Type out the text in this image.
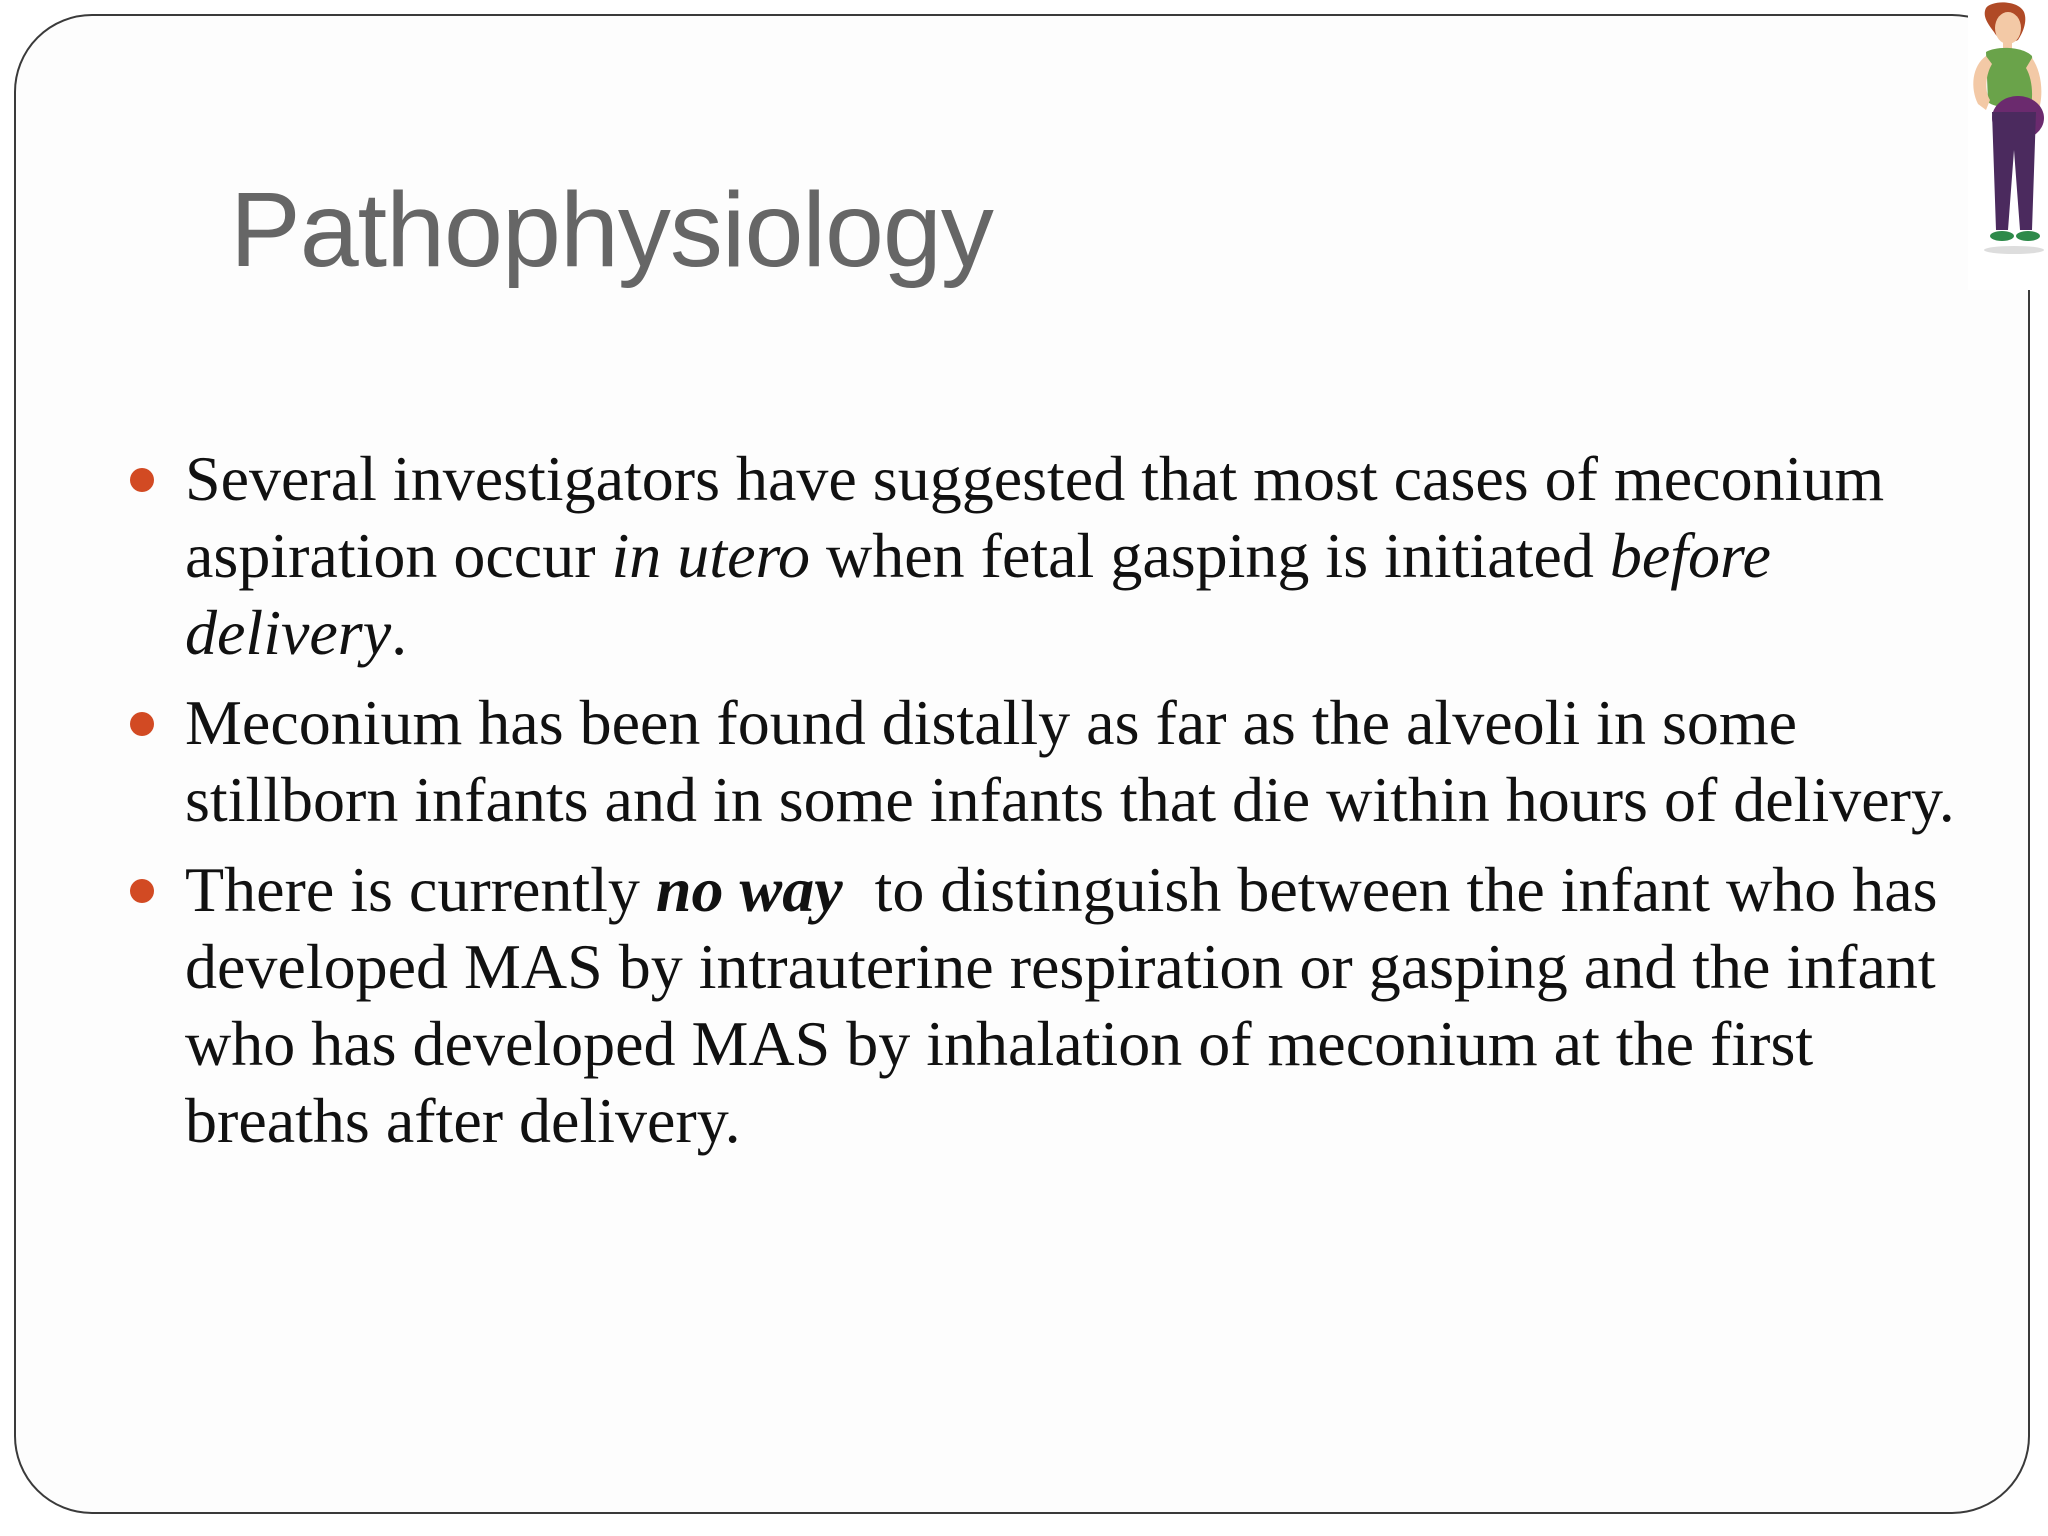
Pathophysiology
Several investigators have suggested that most cases of meconium aspiration occur in utero when fetal gasping is initiated before delivery.
Meconium has been found distally as far as the alveoli in some stillborn infants and in some infants that die within hours of delivery.
There is currently no way  to distinguish between the infant who has developed MAS by intrauterine respiration or gasping and the infant who has developed MAS by inhalation of meconium at the first breaths after delivery.
